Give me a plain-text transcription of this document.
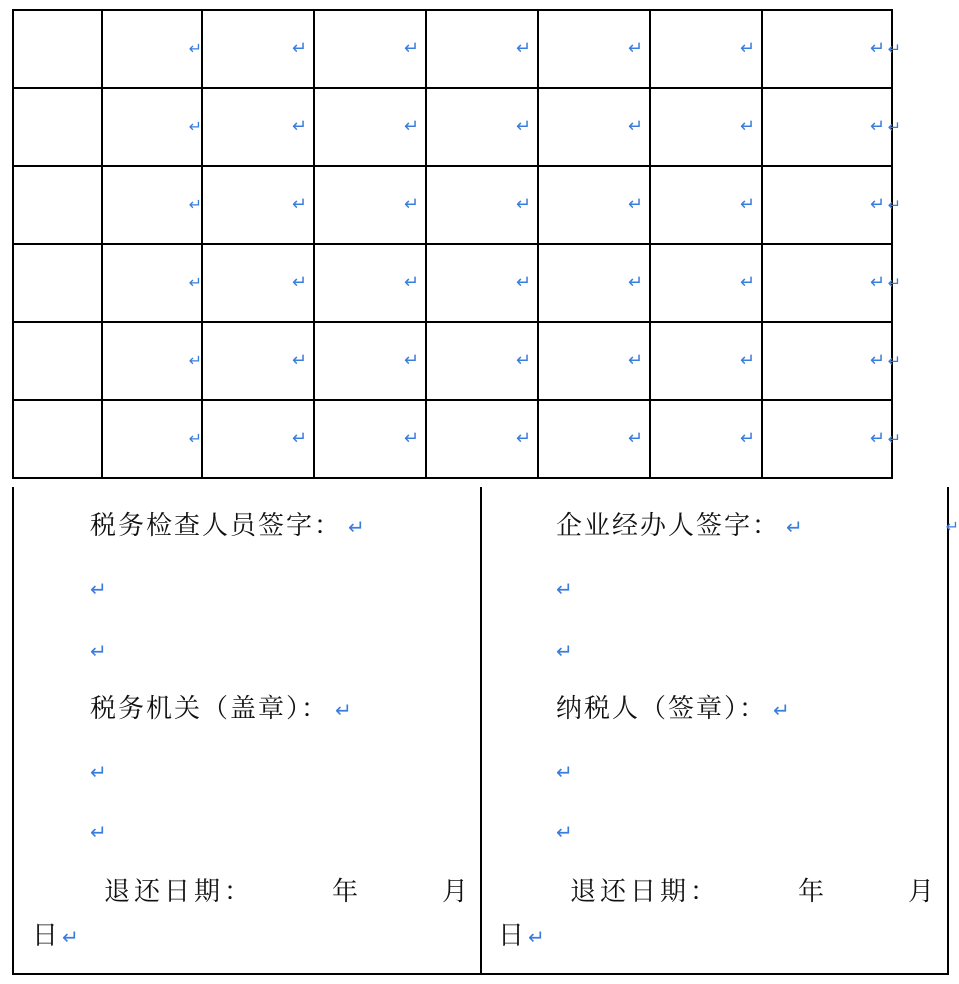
	↵	↵	↵	↵	↵	↵	↵ ↵

	↵	↵	↵	↵	↵	↵	↵ ↵

	↵	↵	↵	↵	↵	↵	↵ ↵

	↵	↵	↵	↵	↵	↵	↵ ↵

	↵	↵	↵	↵	↵	↵	↵ ↵

	↵	↵	↵	↵	↵	↵	↵ ↵
税务检查人员签字： ↵
↵
↵
税务机关（盖章）： ↵
↵
↵
退还日期：	年	月
日 ↵
企业经办人签字： ↵
↵
↵
纳税人（签章）： ↵
↵
↵
退还日期：	年	月
日 ↵
↵
